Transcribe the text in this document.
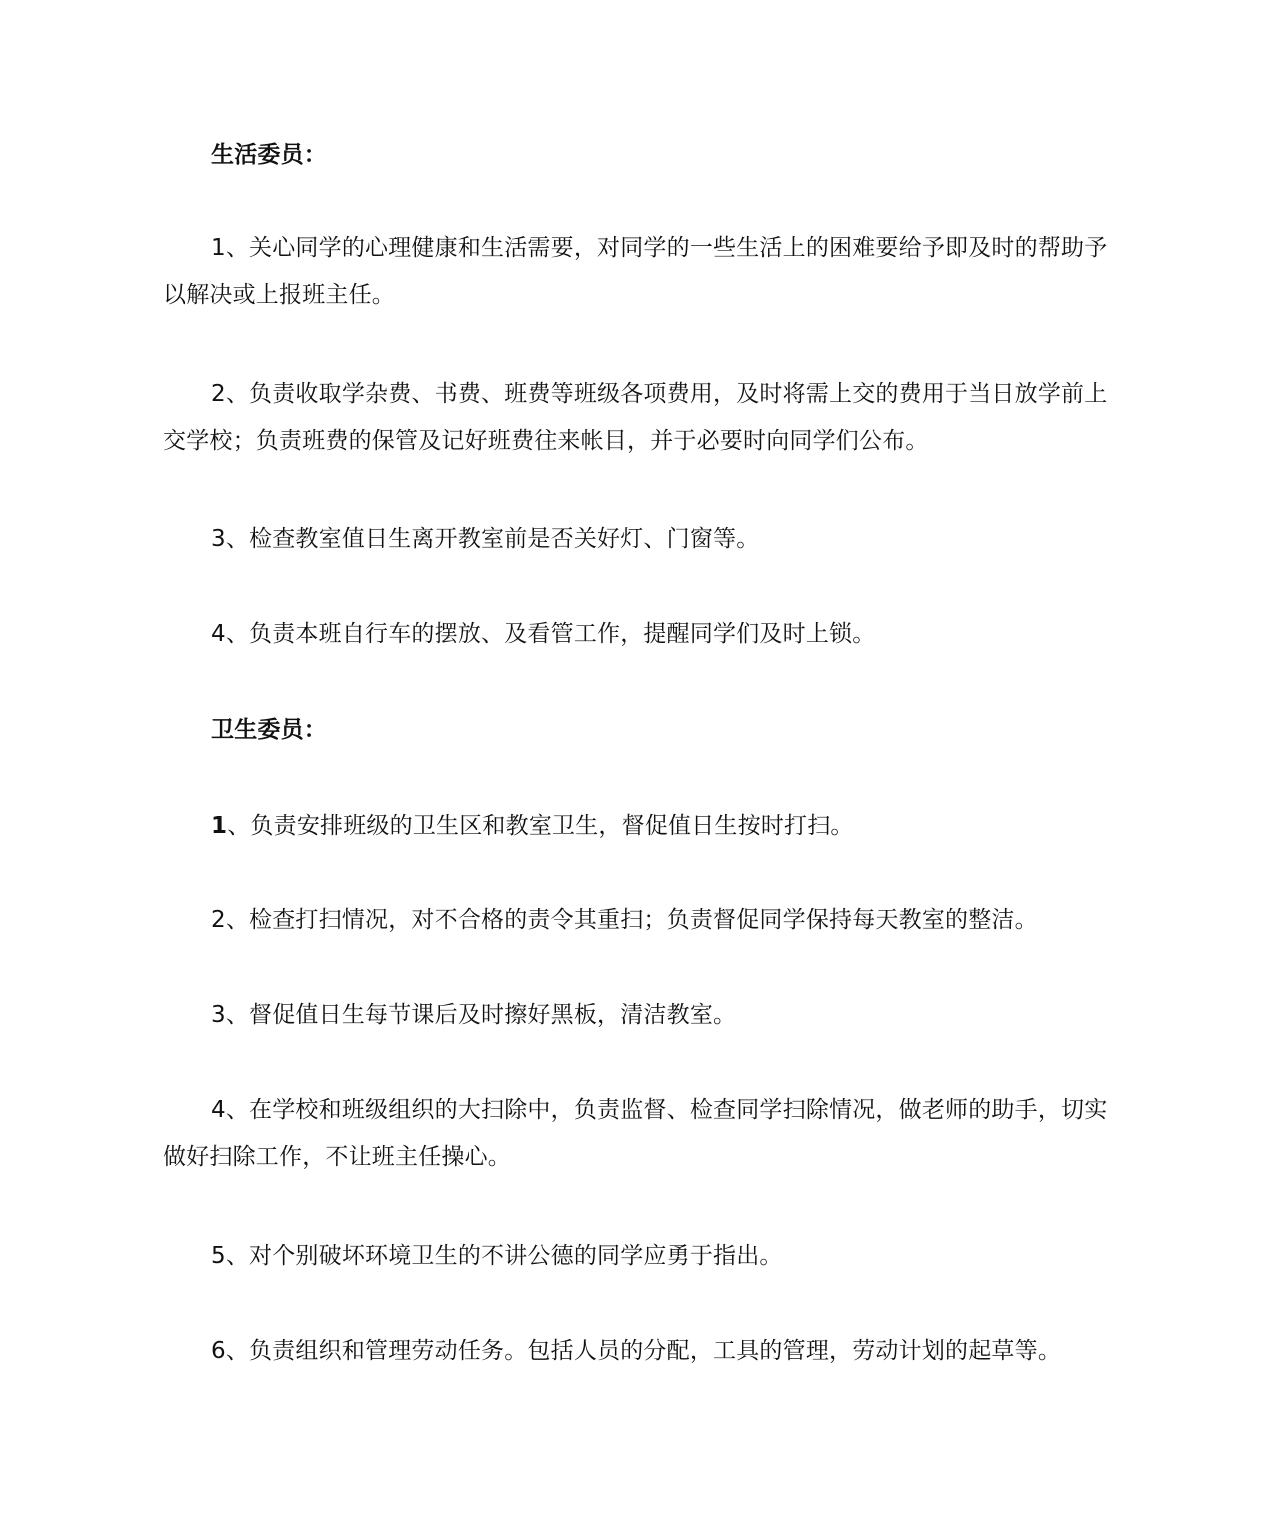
生活委员：

1、关心同学的心理健康和生活需要，对同学的一些生活上的困难要给予即及时的帮助予以解决或上报班主任。

2、负责收取学杂费、书费、班费等班级各项费用，及时将需上交的费用于当日放学前上交学校；负责班费的保管及记好班费往来帐目，并于必要时向同学们公布。

3、检查教室值日生离开教室前是否关好灯、门窗等。

4、负责本班自行车的摆放、及看管工作，提醒同学们及时上锁。

卫生委员：

1、负责安排班级的卫生区和教室卫生，督促值日生按时打扫。

2、检查打扫情况，对不合格的责令其重扫；负责督促同学保持每天教室的整洁。

3、督促值日生每节课后及时擦好黑板，清洁教室。

4、在学校和班级组织的大扫除中，负责监督、检查同学扫除情况，做老师的助手，切实做好扫除工作，不让班主任操心。

5、对个别破坏环境卫生的不讲公德的同学应勇于指出。

6、负责组织和管理劳动任务。包括人员的分配，工具的管理，劳动计划的起草等。
